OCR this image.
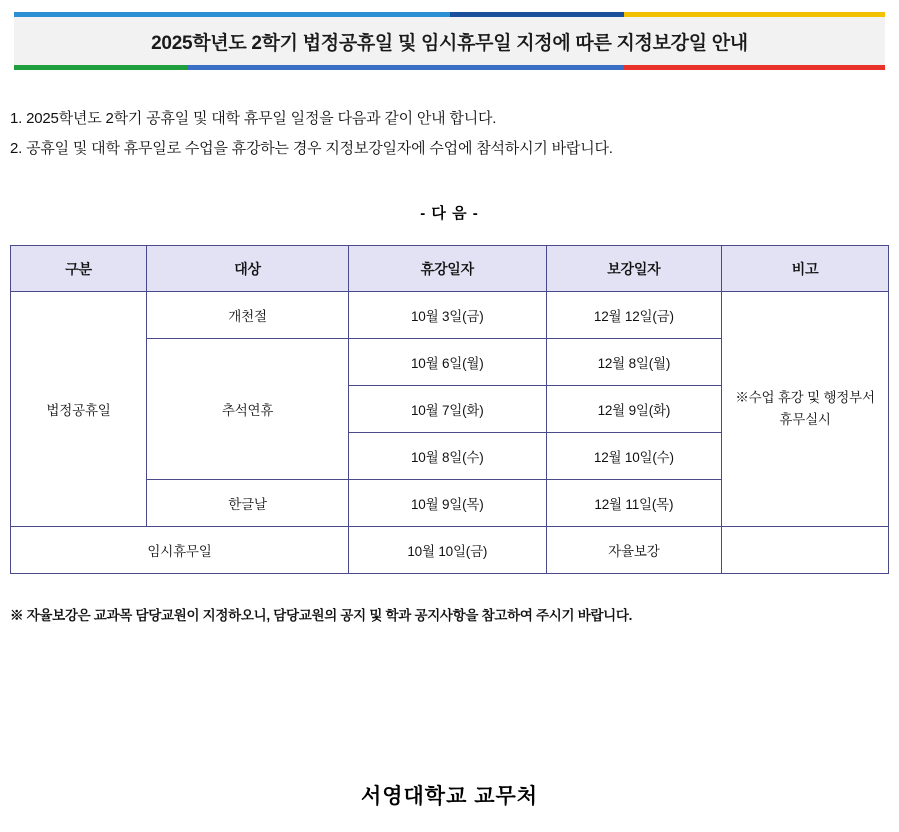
2025학년도 2학기 법정공휴일 및 임시휴무일 지정에 따른 지정보강일 안내
1. 2025학년도 2학기 공휴일 및 대학 휴무일 일정을 다음과 같이 안내 합니다.
2. 공휴일 및 대학 휴무일로 수업을 휴강하는 경우 지정보강일자에 수업에 참석하시기 바랍니다.
- 다 음 -
구분	대상	휴강일자	보강일자	비고
법정공휴일	개천절	10월 3일(금)	12월 12일(금)	※수업 휴강 및 행정부서
휴무실시

	추석연휴	10월 6일(월)	12월 8일(월)	
		10월 7일(화)	12월 9일(화)	
		10월 8일(수)	12월 10일(수)	
	한글날	10월 9일(목)	12월 11일(목)	
임시휴무일		10월 10일(금)	자율보강	
※ 자율보강은 교과목 담당교원이 지정하오니, 담당교원의 공지 및 학과 공지사항을 참고하여 주시기 바랍니다.
서영대학교 교무처
